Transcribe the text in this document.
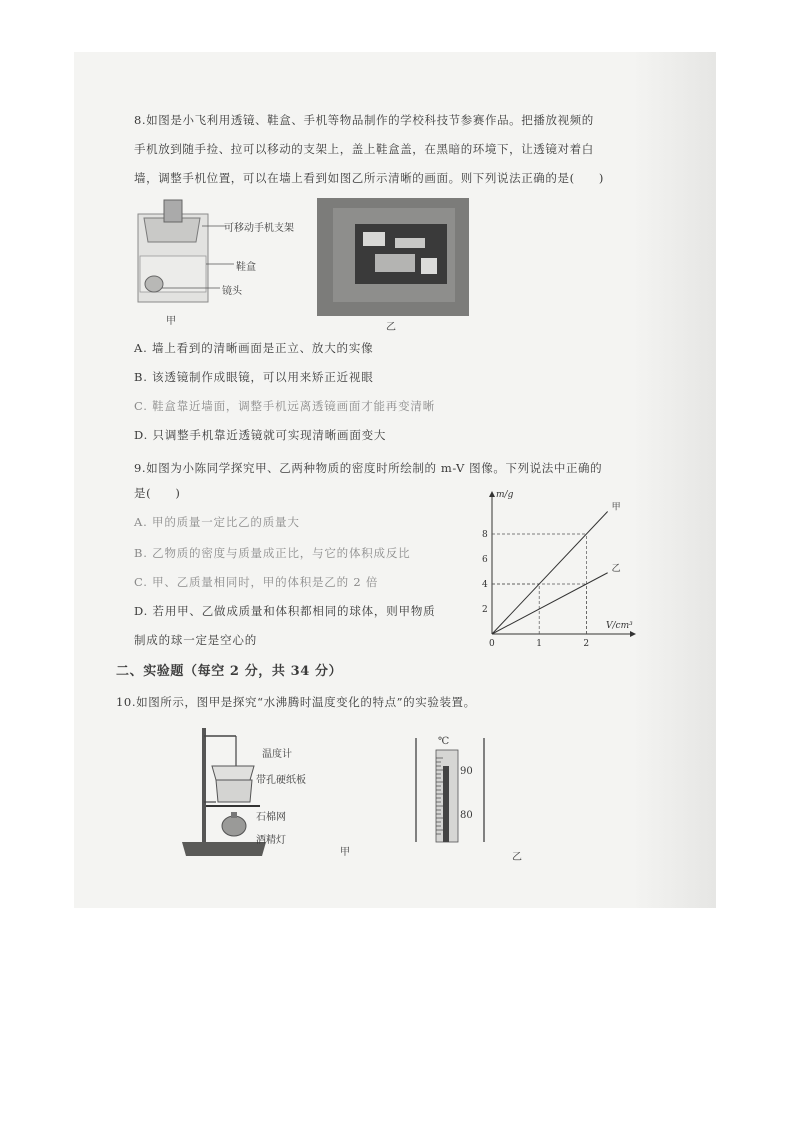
8.如图是小飞利用透镜、鞋盒、手机等物品制作的学校科技节参赛作品。把播放视频的
手机放到随手捡、拉可以移动的支架上，盖上鞋盒盖，在黑暗的环境下，让透镜对着白
墙，调整手机位置，可以在墙上看到如图乙所示清晰的画面。则下列说法正确的是(　　)
可移动手机支架
鞋盒
镜头
甲
乙
A. 墙上看到的清晰画面是正立、放大的实像
B. 该透镜制作成眼镜，可以用来矫正近视眼
C. 鞋盒靠近墙面，调整手机远离透镜画面才能再变清晰
D. 只调整手机靠近透镜就可实现清晰画面变大
9.如图为小陈同学探究甲、乙两种物质的密度时所绘制的 m-V 图像。下列说法中正确的
是(　　)
A. 甲的质量一定比乙的质量大
B. 乙物质的密度与质量成正比，与它的体积成反比
C. 甲、乙质量相同时，甲的体积是乙的 2 倍
D. 若用甲、乙做成质量和体积都相同的球体，则甲物质
制成的球一定是空心的	0	1	2
2
4
6
8
甲
乙
m/g
V/cm³
二、实验题（每空 2 分，共 34 分）
10.如图所示，图甲是探究“水沸腾时温度变化的特点”的实验装置。
温度计
带孔硬纸板
石棉网
酒精灯
甲
℃
90
80
乙
